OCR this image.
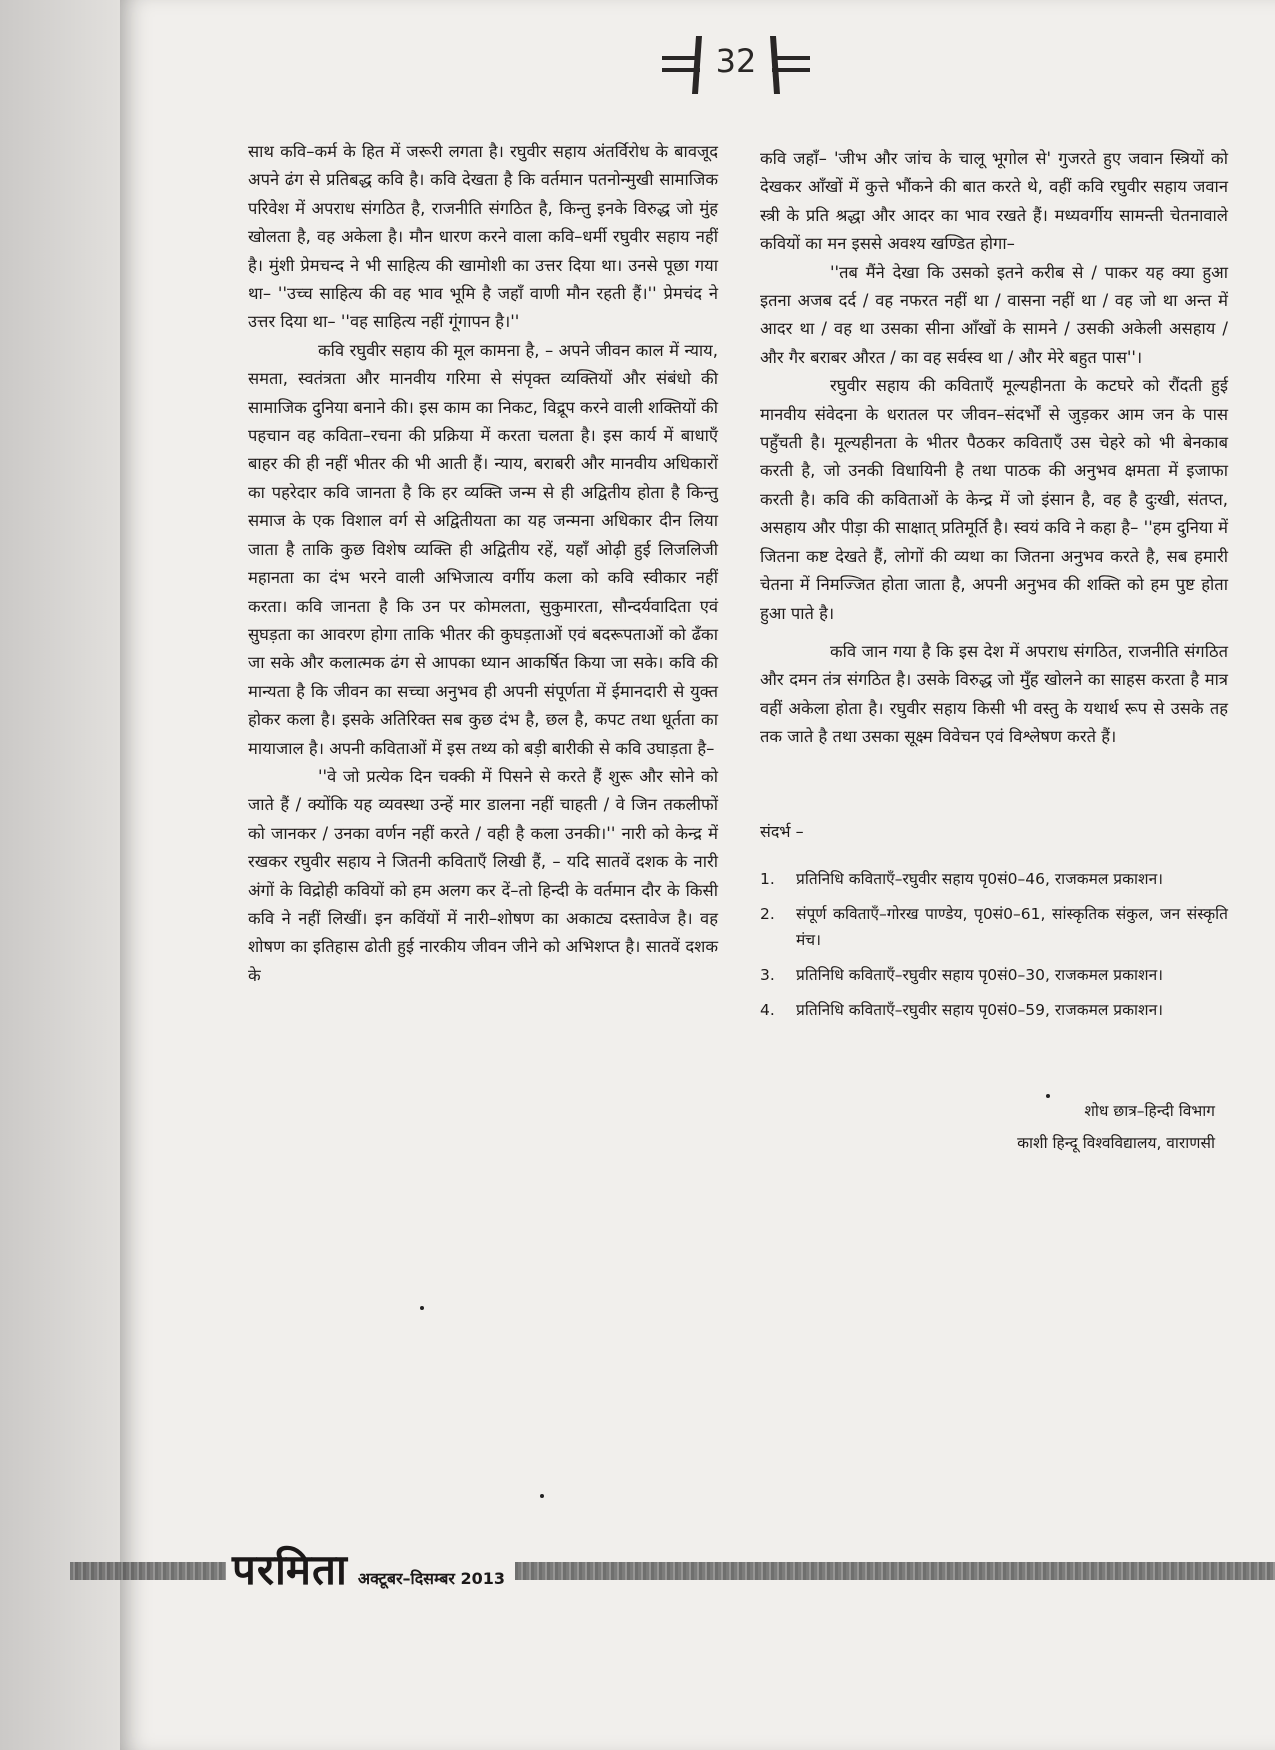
32

साथ कवि–कर्म के हित में जरूरी लगता है। रघुवीर सहाय अंतर्विरोध के बावजूद अपने ढंग से प्रतिबद्ध कवि है। कवि देखता है कि वर्तमान पतनोन्मुखी सामाजिक परिवेश में अपराध संगठित है, राजनीति संगठित है, किन्तु इनके विरुद्ध जो मुंह खोलता है, वह अकेला है। मौन धारण करने वाला कवि–धर्मी रघुवीर सहाय नहीं है। मुंशी प्रेमचन्द ने भी साहित्य की खामोशी का उत्तर दिया था। उनसे पूछा गया था– ''उच्च साहित्य की वह भाव भूमि है जहाँ वाणी मौन रहती हैं।'' प्रेमचंद ने उत्तर दिया था– ''वह साहित्य नहीं गूंगापन है।''

कवि रघुवीर सहाय की मूल कामना है, – अपने जीवन काल में न्याय, समता, स्वतंत्रता और मानवीय गरिमा से संपृक्त व्यक्तियों और संबंधो की सामाजिक दुनिया बनाने की। इस काम का निकट, विद्रूप करने वाली शक्तियों की पहचान वह कविता–रचना की प्रक्रिया में करता चलता है। इस कार्य में बाधाएँ बाहर की ही नहीं भीतर की भी आती हैं। न्याय, बराबरी और मानवीय अधिकारों का पहरेदार कवि जानता है कि हर व्यक्ति जन्म से ही अद्वितीय होता है किन्तु समाज के एक विशाल वर्ग से अद्वितीयता का यह जन्मना अधिकार दीन लिया जाता है ताकि कुछ विशेष व्यक्ति ही अद्वितीय रहें, यहाँ ओढ़ी हुई लिजलिजी महानता का दंभ भरने वाली अभिजात्य वर्गीय कला को कवि स्वीकार नहीं करता। कवि जानता है कि उन पर कोमलता, सुकुमारता, सौन्दर्यवादिता एवं सुघड़ता का आवरण होगा ताकि भीतर की कुघड़ताओं एवं बदरूपताओं को ढँका जा सके और कलात्मक ढंग से आपका ध्यान आकर्षित किया जा सके। कवि की मान्यता है कि जीवन का सच्चा अनुभव ही अपनी संपूर्णता में ईमानदारी से युक्त होकर कला है। इसके अतिरिक्त सब कुछ दंभ है, छल है, कपट तथा धूर्तता का मायाजाल है। अपनी कविताओं में इस तथ्य को बड़ी बारीकी से कवि उघाड़ता है–

''वे जो प्रत्येक दिन चक्की में पिसने से करते हैं शुरू और सोने को जाते हैं / क्योंकि यह व्यवस्था उन्हें मार डालना नहीं चाहती / वे जिन तकलीफों को जानकर / उनका वर्णन नहीं करते / वही है कला उनकी।'' नारी को केन्द्र में रखकर रघुवीर सहाय ने जितनी कविताएँ लिखी हैं, – यदि सातवें दशक के नारी अंगों के विद्रोही कवियों को हम अलग कर दें–तो हिन्दी के वर्तमान दौर के किसी कवि ने नहीं लिखीं। इन कविंयों में नारी–शोषण का अकाट्य दस्तावेज है। वह शोषण का इतिहास ढोती हुई नारकीय जीवन जीने को अभिशप्त है। सातवें दशक के

कवि जहाँ– 'जीभ और जांच के चालू भूगोल से' गुजरते हुए जवान स्त्रियों को देखकर आँखों में कुत्ते भौंकने की बात करते थे, वहीं कवि रघुवीर सहाय जवान स्त्री के प्रति श्रद्धा और आदर का भाव रखते हैं। मध्यवर्गीय सामन्ती चेतनावाले कवियों का मन इससे अवश्य खण्डित होगा–

''तब मैंने देखा कि उसको इतने करीब से / पाकर यह क्या हुआ इतना अजब दर्द / वह नफरत नहीं था / वासना नहीं था / वह जो था अन्त में आदर था / वह था उसका सीना आँखों के सामने / उसकी अकेली असहाय / और गैर बराबर औरत / का वह सर्वस्व था / और मेरे बहुत पास''।

रघुवीर सहाय की कविताएँ मूल्यहीनता के कटघरे को रौंदती हुई मानवीय संवेदना के धरातल पर जीवन–संदर्भों से जुड़कर आम जन के पास पहुँचती है। मूल्यहीनता के भीतर पैठकर कविताएँ उस चेहरे को भी बेनकाब करती है, जो उनकी विधायिनी है तथा पाठक की अनुभव क्षमता में इजाफा करती है। कवि की कविताओं के केन्द्र में जो इंसान है, वह है दुःखी, संतप्त, असहाय और पीड़ा की साक्षात् प्रतिमूर्ति है। स्वयं कवि ने कहा है– ''हम दुनिया में जितना कष्ट देखते हैं, लोगों की व्यथा का जितना अनुभव करते है, सब हमारी चेतना में निमज्जित होता जाता है, अपनी अनुभव की शक्ति को हम पुष्ट होता हुआ पाते है।

कवि जान गया है कि इस देश में अपराध संगठित, राजनीति संगठित और दमन तंत्र संगठित है। उसके विरुद्ध जो मुँह खोलने का साहस करता है मात्र वहीं अकेला होता है। रघुवीर सहाय किसी भी वस्तु के यथार्थ रूप से उसके तह तक जाते है तथा उसका सूक्ष्म विवेचन एवं विश्लेषण करते हैं।

संदर्भ –
1. प्रतिनिधि कविताएँ–रघुवीर सहाय पृ0सं0–46, राजकमल प्रकाशन।
2. संपूर्ण कविताएँ–गोरख पाण्डेय, पृ0सं0–61, सांस्कृतिक संकुल, जन संस्कृति मंच।
3. प्रतिनिधि कविताएँ–रघुवीर सहाय पृ0सं0–30, राजकमल प्रकाशन।
4. प्रतिनिधि कविताएँ–रघुवीर सहाय पृ0सं0–59, राजकमल प्रकाशन।
शोध छात्र–हिन्दी विभाग
काशी हिन्दू विश्वविद्यालय, वाराणसी
परमिता अक्टूबर–दिसम्बर 2013
